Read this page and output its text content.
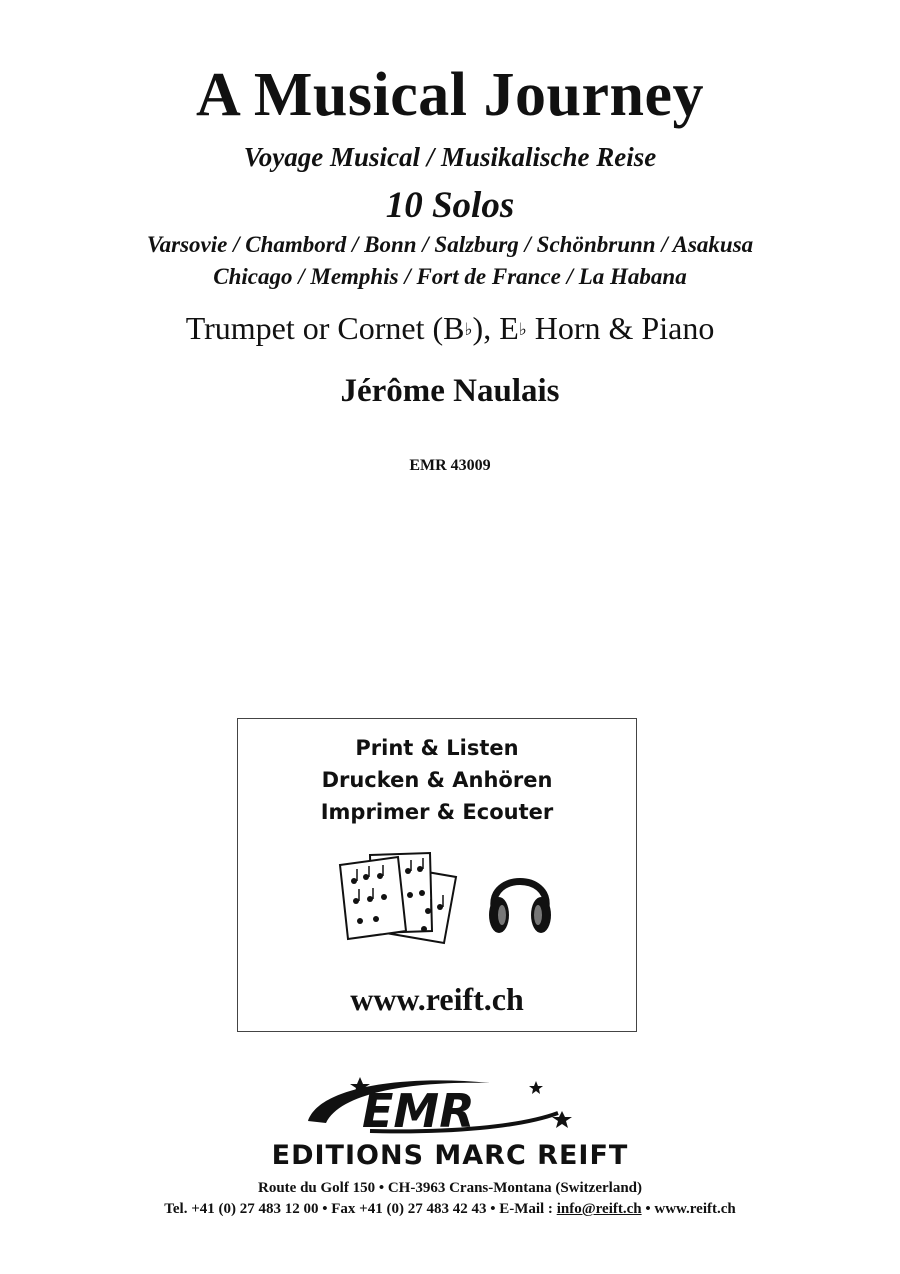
A Musical Journey
Voyage Musical / Musikalische Reise
10 Solos
Varsovie / Chambord / Bonn / Salzburg / Schönbrunn / Asakusa
Chicago / Memphis / Fort de France / La Habana
Trumpet or Cornet (B♭), E♭ Horn & Piano
Jérôme Naulais
EMR 43009
Print & Listen
Drucken & Anhören
Imprimer & Ecouter
www.reift.ch
EMR
EDITIONS MARC REIFT
Route du Golf 150 • CH-3963 Crans-Montana (Switzerland)
Tel. +41 (0) 27 483 12 00 • Fax +41 (0) 27 483 42 43 • E-Mail : info@reift.ch • www.reift.ch
